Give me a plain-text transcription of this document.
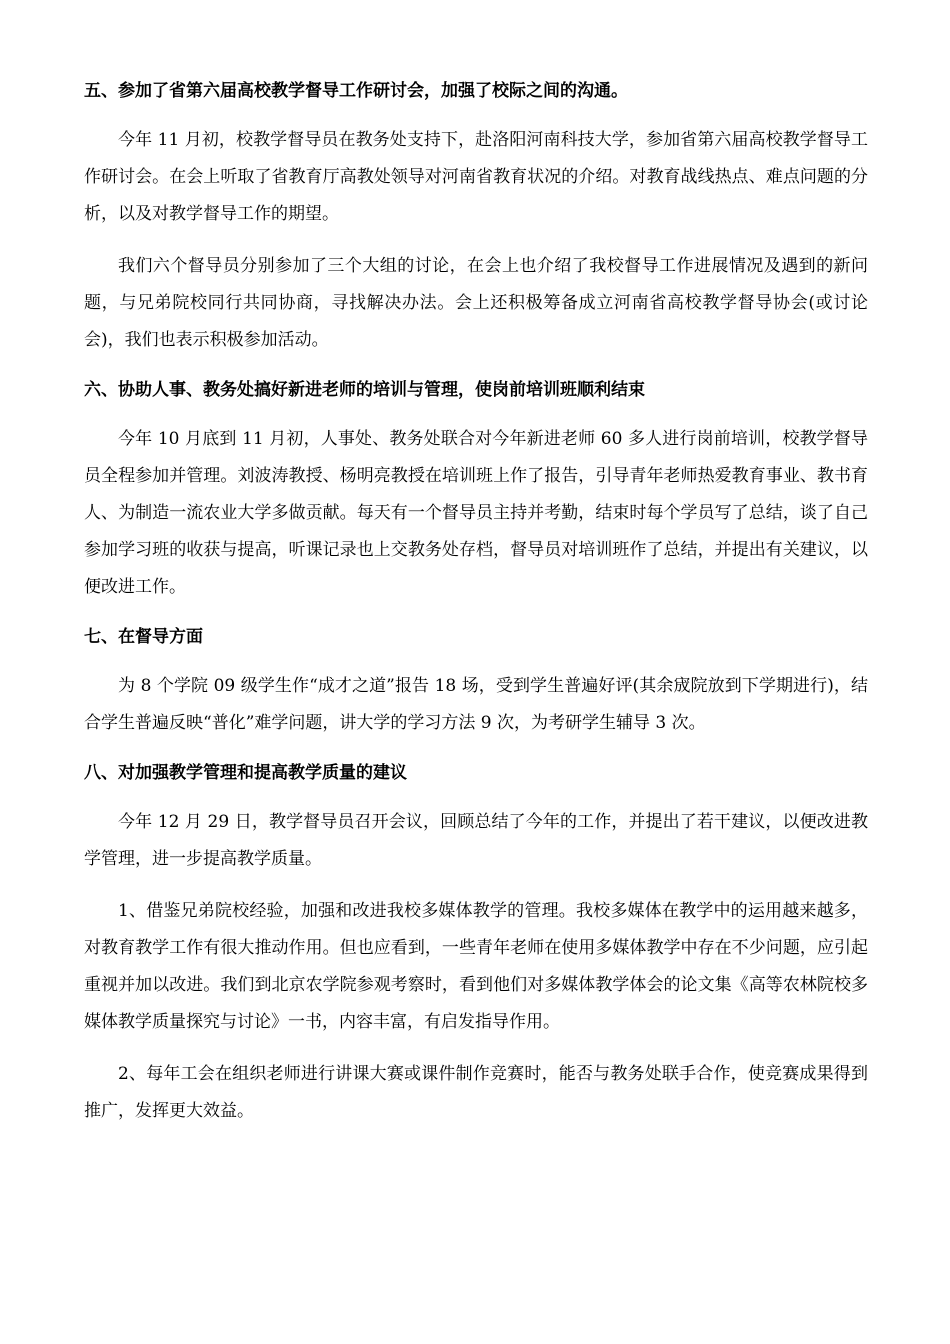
五、参加了省第六届高校教学督导工作研讨会，加强了校际之间的沟通。

今年 11 月初，校教学督导员在教务处支持下，赴洛阳河南科技大学，参加省第六届高校教学督导工作研讨会。在会上听取了省教育厅高教处领导对河南省教育状况的介绍。对教育战线热点、难点问题的分析，以及对教学督导工作的期望。

我们六个督导员分别参加了三个大组的讨论，在会上也介绍了我校督导工作进展情况及遇到的新问题，与兄弟院校同行共同协商，寻找解决办法。会上还积极筹备成立河南省高校教学督导协会(或讨论会)，我们也表示积极参加活动。

六、协助人事、教务处搞好新进老师的培训与管理，使岗前培训班顺利结束

今年 10 月底到 11 月初，人事处、教务处联合对今年新进老师 60 多人进行岗前培训，校教学督导员全程参加并管理。刘波涛教授、杨明亮教授在培训班上作了报告，引导青年老师热爱教育事业、教书育人、为制造一流农业大学多做贡献。每天有一个督导员主持并考勤，结束时每个学员写了总结，谈了自己参加学习班的收获与提高，听课记录也上交教务处存档，督导员对培训班作了总结，并提出有关建议，以便改进工作。

七、在督导方面

为 8 个学院 09 级学生作“成才之道”报告 18 场，受到学生普遍好评(其余宬院放到下学期进行)，结合学生普遍反映“普化”难学问题，讲大学的学习方法 9 次，为考研学生辅导 3 次。

八、对加强教学管理和提高教学质量的建议

今年 12 月 29 日，教学督导员召开会议，回顾总结了今年的工作，并提出了若干建议，以便改进教学管理，进一步提高教学质量。

1、借鉴兄弟院校经验，加强和改进我校多媒体教学的管理。我校多媒体在教学中的运用越来越多，对教育教学工作有很大推动作用。但也应看到，一些青年老师在使用多媒体教学中存在不少问题，应引起重视并加以改进。我们到北京农学院参观考察时，看到他们对多媒体教学体会的论文集《高等农林院校多媒体教学质量探究与讨论》一书，内容丰富，有启发指导作用。

2、每年工会在组织老师进行讲课大赛或课件制作竞赛时，能否与教务处联手合作，使竞赛成果得到推广，发挥更大效益。
